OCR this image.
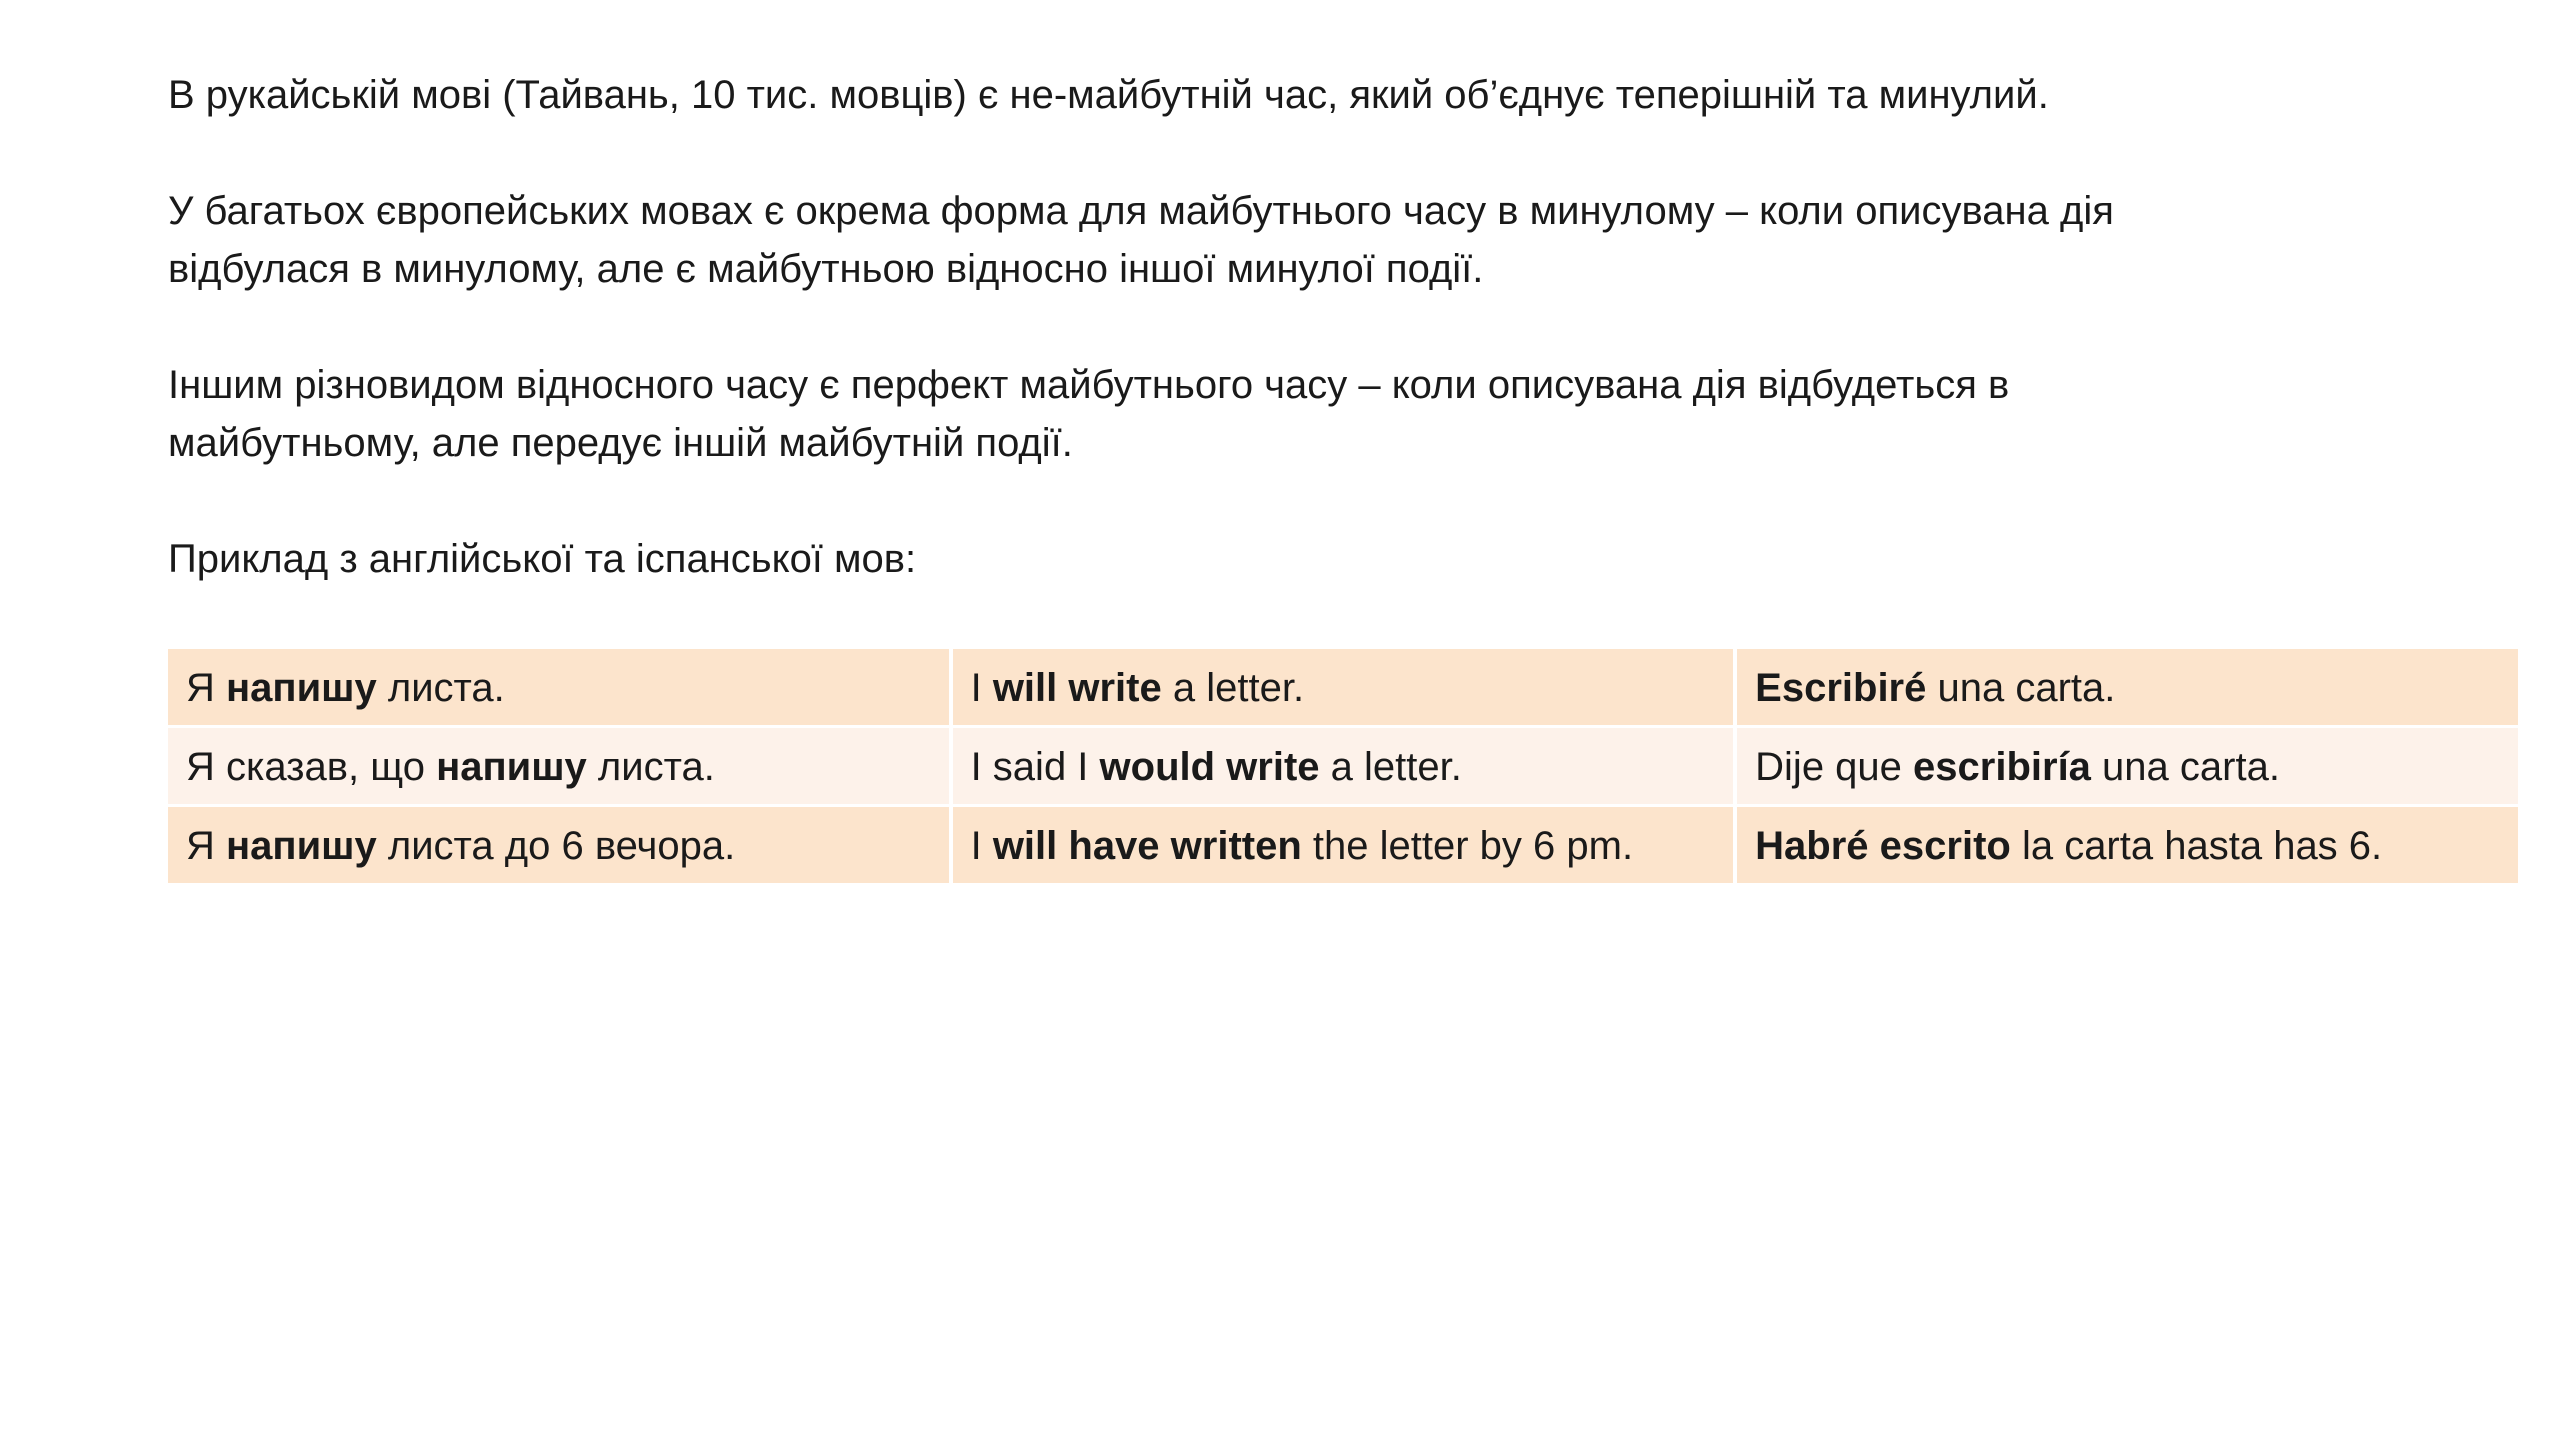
В рукайській мові (Тайвань, 10 тис. мовців) є не-майбутній час, який об’єднує теперішній та минулий.

У багатьох європейських мовах є окрема форма для майбутнього часу в минулому – коли описувана дія
відбулася в минулому, але є майбутньою відносно іншої минулої події.

Іншим різновидом відносного часу є перфект майбутнього часу – коли описувана дія відбудеться в
майбутньому, але передує іншій майбутній події.

Приклад з англійської та іспанської мов:

Я напишу листа.	I will write a letter.	Escribiré una carta.
Я сказав, що напишу листа.	I said I would write a letter.	Dije que escribiría una carta.
Я напишу листа до 6 вечора.	I will have written the letter by 6 pm.	Habré escrito la carta hasta has 6.
